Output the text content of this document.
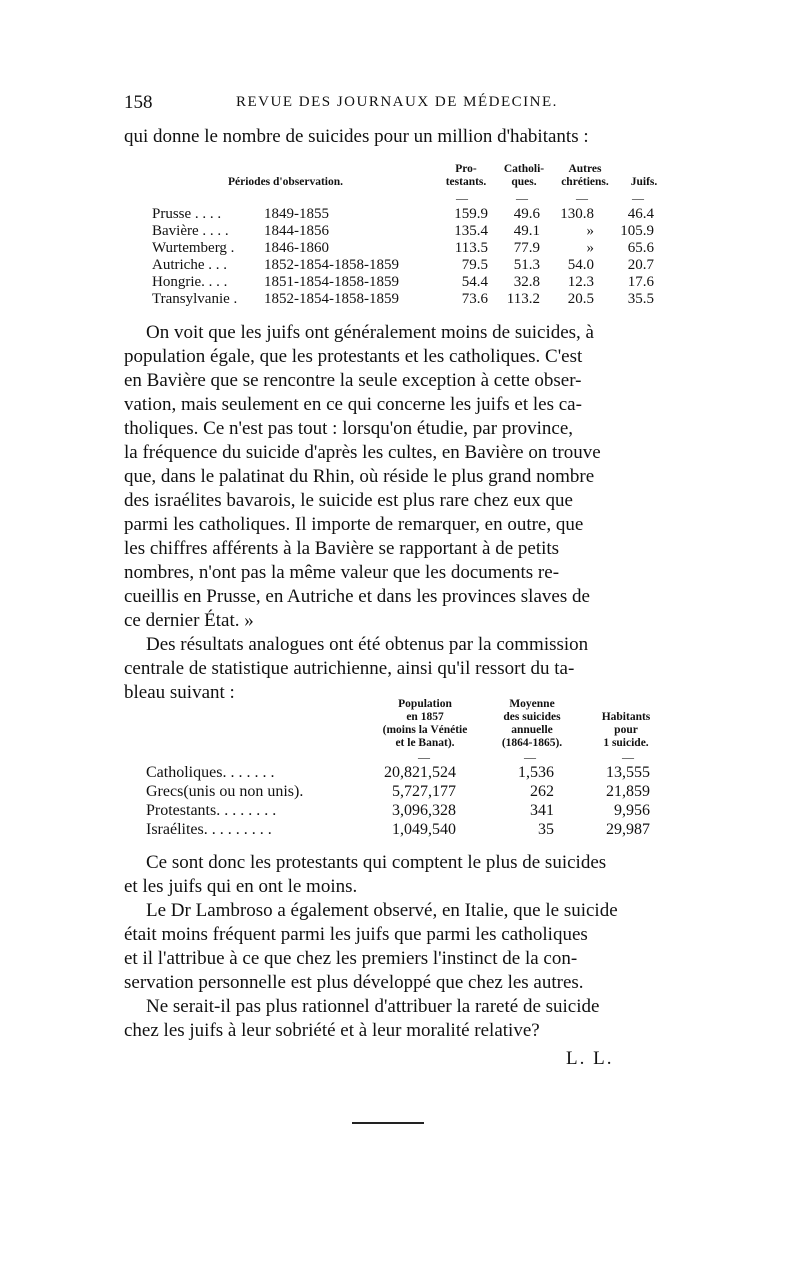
158	REVUE DES JOURNAUX DE MÉDECINE.
qui donne le nombre de suicides pour un million d'habitants :
Périodes d'observation.
Pro-
testants.
Catholi-
ques.
Autres
chrétiens.	Juifs.
—	—	—	—
Prusse . . . .	1849-1855	159.9	49.6	130.8	46.4
Bavière . . . . 1844-1856	135.4	49.1	»	105.9
Wurtemberg . 1846-1860	113.5	77.9	»	65.6
Autriche . . . 1852-1854-1858-1859	79.5	51.3	54.0	20.7
Hongrie. . . . 1851-1854-1858-1859	54.4	32.8	12.3	17.6
Transylvanie . 1852-1854-1858-1859	73.6	113.2	20.5	35.5
On voit que les juifs ont généralement moins de suicides, à
population égale, que les protestants et les catholiques. C'est
en Bavière que se rencontre la seule exception à cette obser-
vation, mais seulement en ce qui concerne les juifs et les ca-
tholiques. Ce n'est pas tout : lorsqu'on étudie, par province,
la fréquence du suicide d'après les cultes, en Bavière on trouve
que, dans le palatinat du Rhin, où réside le plus grand nombre
des israélites bavarois, le suicide est plus rare chez eux que
parmi les catholiques. Il importe de remarquer, en outre, que
les chiffres afférents à la Bavière se rapportant à de petits
nombres, n'ont pas la même valeur que les documents re-
cueillis en Prusse, en Autriche et dans les provinces slaves de
ce dernier État. »
Des résultats analogues ont été obtenus par la commission
centrale de statistique autrichienne, ainsi qu'il ressort du ta-
bleau suivant :
Population
en 1857
(moins la Vénétie
et le Banat).
Moyenne
des suicides
annuelle
(1864-1865).
Habitants
pour
1 suicide.
—	—	—
Catholiques. . . . . . .	20,821,524	1,536	13,555
Grecs(unis ou non unis).	5,727,177	262	21,859
Protestants. . . . . . . .	3,096,328	341	9,956
Israélites. . . . . . . . .	1,049,540	35	29,987
Ce sont donc les protestants qui comptent le plus de suicides
et les juifs qui en ont le moins.
Le Dr Lambroso a également observé, en Italie, que le suicide
était moins fréquent parmi les juifs que parmi les catholiques
et il l'attribue à ce que chez les premiers l'instinct de la con-
servation personnelle est plus développé que chez les autres.
Ne serait-il pas plus rationnel d'attribuer la rareté de suicide
chez les juifs à leur sobriété et à leur moralité relative?
L. L.
